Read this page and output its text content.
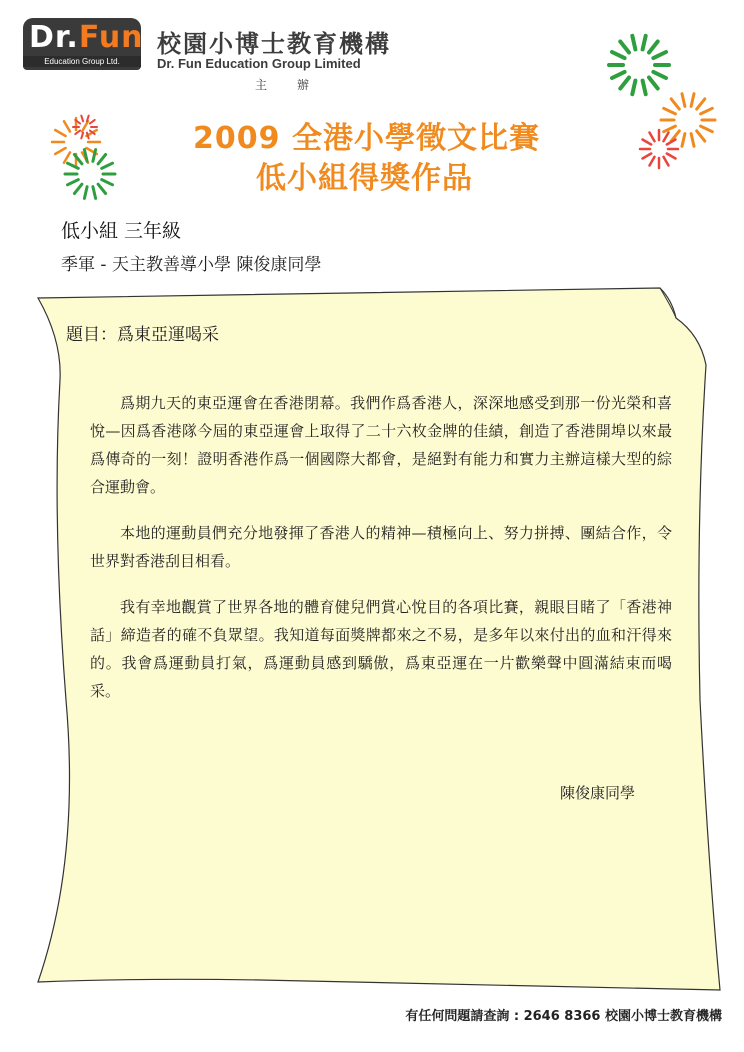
Dr.Fun
Education Group Ltd.
校園小博士教育機構
Dr. Fun Education Group Limited
主辦
2009 全港小學徵文比賽
低小組得獎作品
低小組 三年級
季軍 - 天主教善導小學 陳俊康同學

題目：爲東亞運喝采

爲期九天的東亞運會在香港閉幕。我們作爲香港人，深深地感受到那一份光榮和喜悅—因爲香港隊今屆的東亞運會上取得了二十六枚金牌的佳績，創造了香港開埠以來最爲傳奇的一刻！證明香港作爲一個國際大都會，是絕對有能力和實力主辦這樣大型的綜合運動會。

本地的運動員們充分地發揮了香港人的精神—積極向上、努力拼搏、團結合作，令世界對香港刮目相看。

我有幸地觀賞了世界各地的體育健兒們賞心悅目的各項比賽，親眼目睹了「香港神話」締造者的確不負眾望。我知道每面獎牌都來之不易，是多年以來付出的血和汗得來的。我會爲運動員打氣，爲運動員感到驕傲，爲東亞運在一片歡樂聲中圓滿結束而喝采。

陳俊康同學
有任何問題請查詢 : 2646 8366 校園小博士教育機構
